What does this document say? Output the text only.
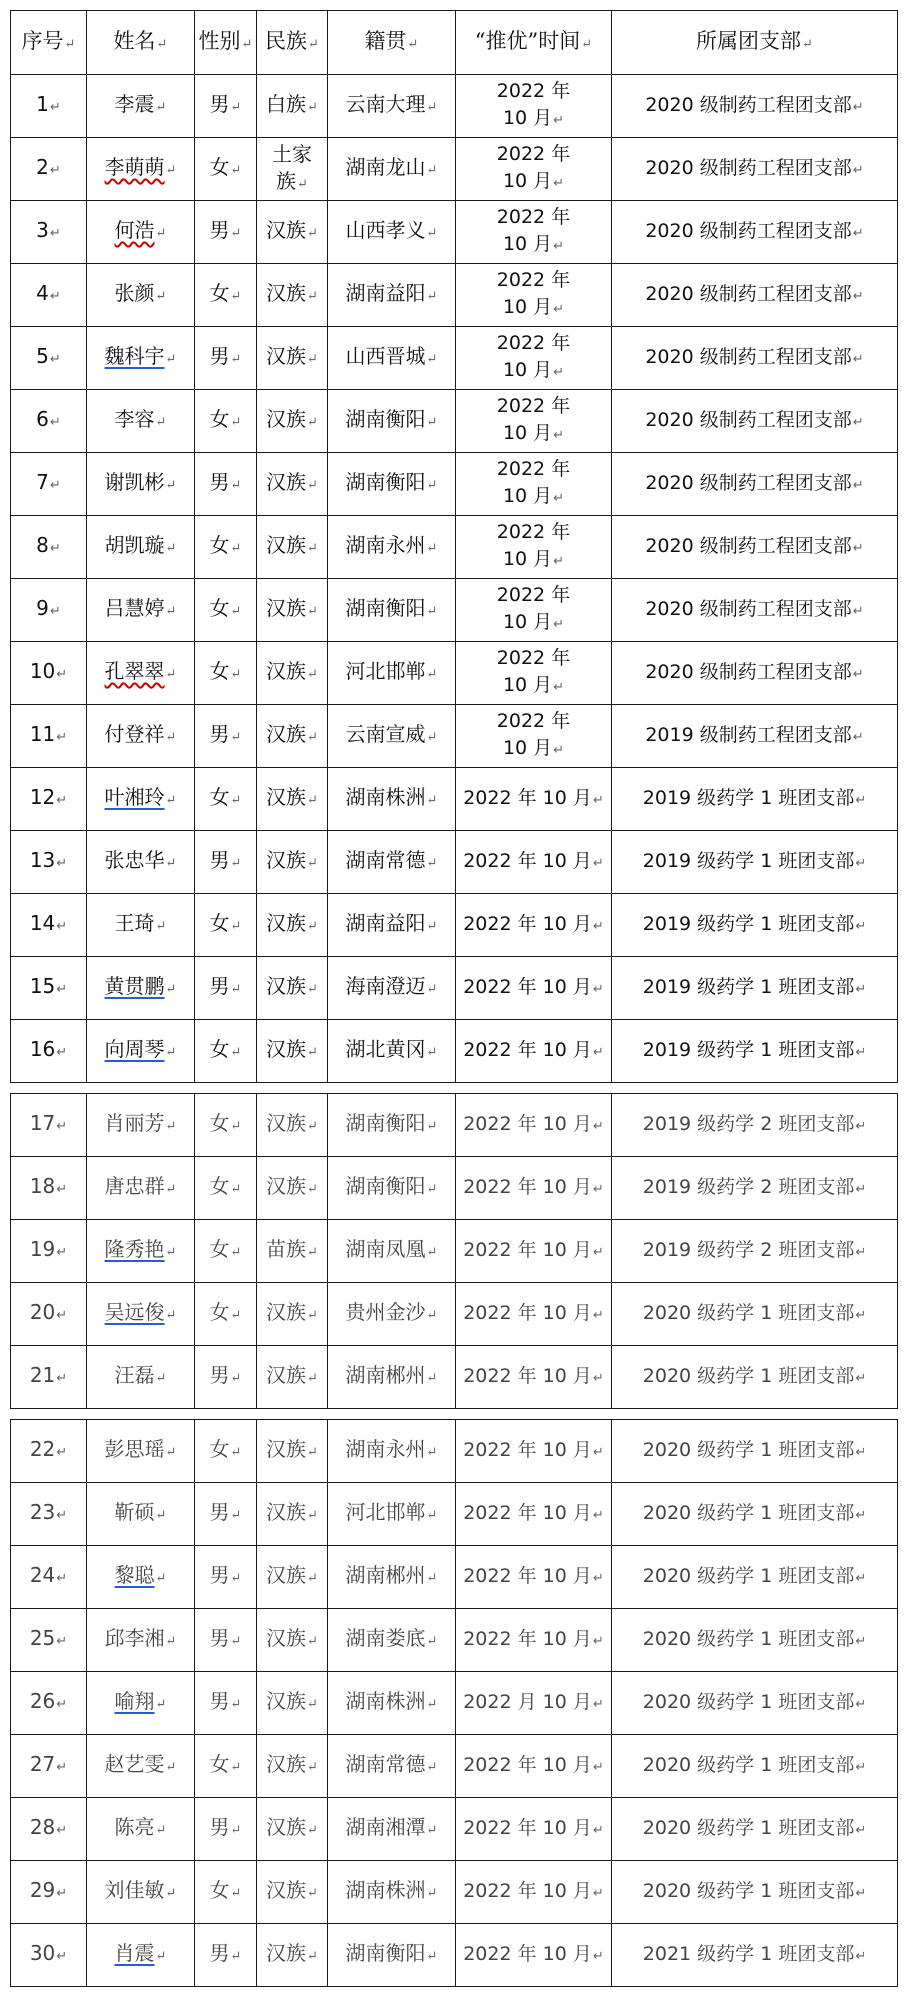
序号↵	姓名↵	性别↵	民族↵	籍贯↵	“推优”时间↵	所属团支部↵
1↵	李震↵	男↵	白族↵	云南大理↵	2022 年 10 月↵	2020 级制药工程团支部↵
2↵	李萌萌↵	女↵	土家族↵	湖南龙山↵	2022 年 10 月↵	2020 级制药工程团支部↵
3↵	何浩↵	男↵	汉族↵	山西孝义↵	2022 年 10 月↵	2020 级制药工程团支部↵
4↵	张颜↵	女↵	汉族↵	湖南益阳↵	2022 年 10 月↵	2020 级制药工程团支部↵
5↵	魏科宇↵	男↵	汉族↵	山西晋城↵	2022 年 10 月↵	2020 级制药工程团支部↵
6↵	李容↵	女↵	汉族↵	湖南衡阳↵	2022 年 10 月↵	2020 级制药工程团支部↵
7↵	谢凯彬↵	男↵	汉族↵	湖南衡阳↵	2022 年 10 月↵	2020 级制药工程团支部↵
8↵	胡凯璇↵	女↵	汉族↵	湖南永州↵	2022 年 10 月↵	2020 级制药工程团支部↵
9↵	吕慧婷↵	女↵	汉族↵	湖南衡阳↵	2022 年 10 月↵	2020 级制药工程团支部↵
10↵	孔翠翠↵	女↵	汉族↵	河北邯郸↵	2022 年 10 月↵	2020 级制药工程团支部↵
11↵	付登祥↵	男↵	汉族↵	云南宣威↵	2022 年 10 月↵	2019 级制药工程团支部↵
12↵	叶湘玲↵	女↵	汉族↵	湖南株洲↵	2022 年 10 月↵	2019 级药学 1 班团支部↵
13↵	张忠华↵	男↵	汉族↵	湖南常德↵	2022 年 10 月↵	2019 级药学 1 班团支部↵
14↵	王琦↵	女↵	汉族↵	湖南益阳↵	2022 年 10 月↵	2019 级药学 1 班团支部↵
15↵	黄贯鹏↵	男↵	汉族↵	海南澄迈↵	2022 年 10 月↵	2019 级药学 1 班团支部↵
16↵	向周琴↵	女↵	汉族↵	湖北黄冈↵	2022 年 10 月↵	2019 级药学 1 班团支部↵

17↵	肖丽芳↵	女↵	汉族↵	湖南衡阳↵	2022 年 10 月↵	2019 级药学 2 班团支部↵
18↵	唐忠群↵	女↵	汉族↵	湖南衡阳↵	2022 年 10 月↵	2019 级药学 2 班团支部↵
19↵	隆秀艳↵	女↵	苗族↵	湖南凤凰↵	2022 年 10 月↵	2019 级药学 2 班团支部↵
20↵	吴远俊↵	女↵	汉族↵	贵州金沙↵	2022 年 10 月↵	2020 级药学 1 班团支部↵
21↵	汪磊↵	男↵	汉族↵	湖南郴州↵	2022 年 10 月↵	2020 级药学 1 班团支部↵

22↵	彭思瑶↵	女↵	汉族↵	湖南永州↵	2022 年 10 月↵	2020 级药学 1 班团支部↵
23↵	靳硕↵	男↵	汉族↵	河北邯郸↵	2022 年 10 月↵	2020 级药学 1 班团支部↵
24↵	黎聪↵	男↵	汉族↵	湖南郴州↵	2022 年 10 月↵	2020 级药学 1 班团支部↵
25↵	邱李湘↵	男↵	汉族↵	湖南娄底↵	2022 年 10 月↵	2020 级药学 1 班团支部↵
26↵	喻翔↵	男↵	汉族↵	湖南株洲↵	2022 月 10 月↵	2020 级药学 1 班团支部↵
27↵	赵艺雯↵	女↵	汉族↵	湖南常德↵	2022 年 10 月↵	2020 级药学 1 班团支部↵
28↵	陈亮↵	男↵	汉族↵	湖南湘潭↵	2022 年 10 月↵	2020 级药学 1 班团支部↵
29↵	刘佳敏↵	女↵	汉族↵	湖南株洲↵	2022 年 10 月↵	2020 级药学 1 班团支部↵
30↵	肖震↵	男↵	汉族↵	湖南衡阳↵	2022 年 10 月↵	2021 级药学 1 班团支部↵
